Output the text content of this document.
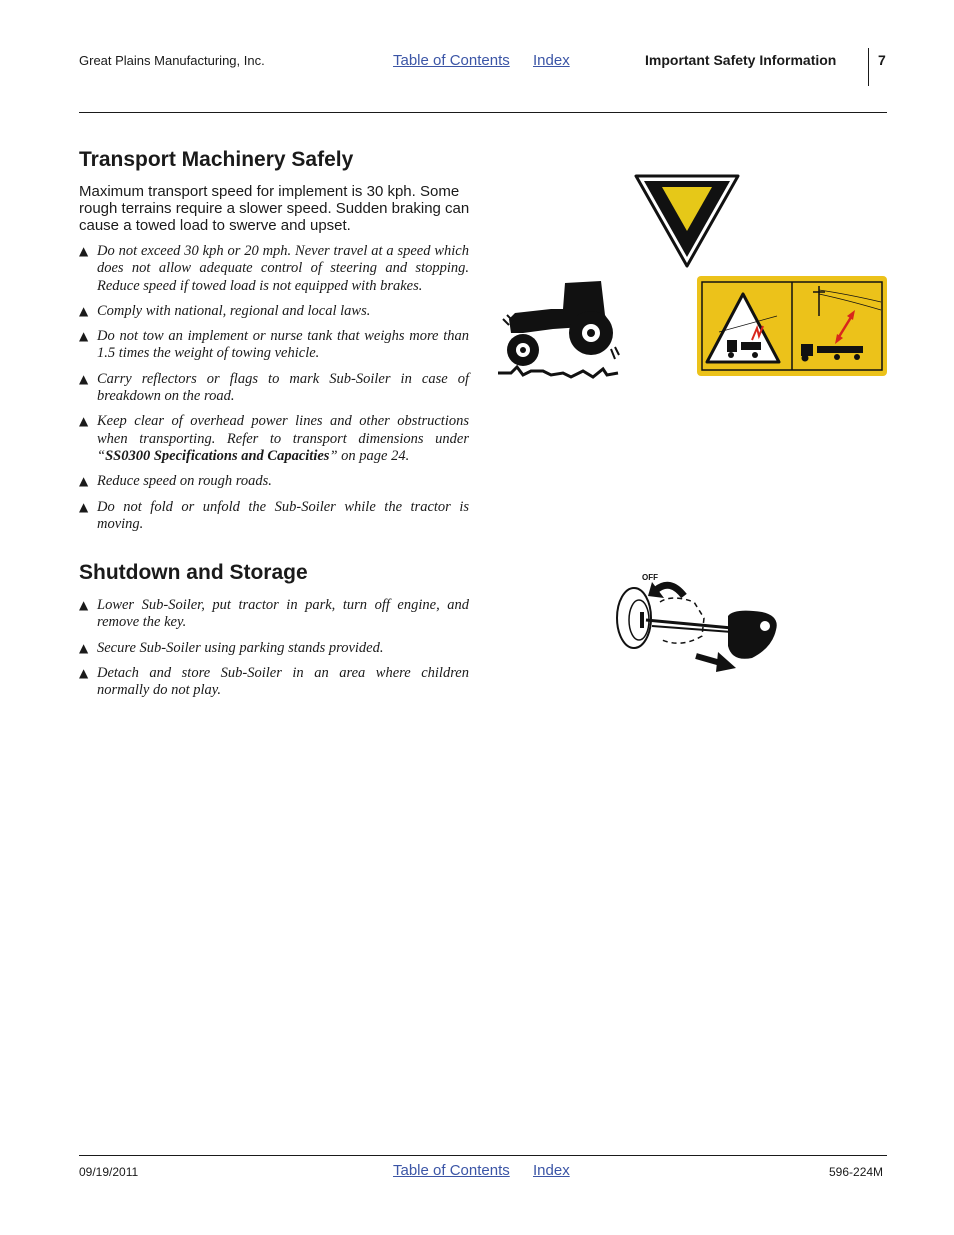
Great Plains Manufacturing, Inc.	Table of Contents Index	Important Safety Information	7
Transport Machinery Safely
Maximum transport speed for implement is 30 kph. Some rough terrains require a slower speed. Sudden braking can cause a towed load to swerve and upset.
▲ Do not exceed 30 kph or 20 mph. Never travel at a speed which does not allow adequate control of steering and stopping. Reduce speed if towed load is not equipped with brakes.
▲ Comply with national, regional and local laws.
▲ Do not tow an implement or nurse tank that weighs more than 1.5 times the weight of towing vehicle.
▲ Carry reflectors or flags to mark Sub-Soiler in case of breakdown on the road.
▲ Keep clear of overhead power lines and other obstructions when transporting. Refer to transport dimensions under “SS0300 Specifications and Capacities” on page 24.
▲ Reduce speed on rough roads.
▲ Do not fold or unfold the Sub-Soiler while the tractor is moving.
Shutdown and Storage
▲ Lower Sub-Soiler, put tractor in park, turn off engine, and remove the key.
▲ Secure Sub-Soiler using parking stands provided.
▲ Detach and store Sub-Soiler in an area where children normally do not play.
OFF
09/19/2011	Table of Contents Index	596-224M
